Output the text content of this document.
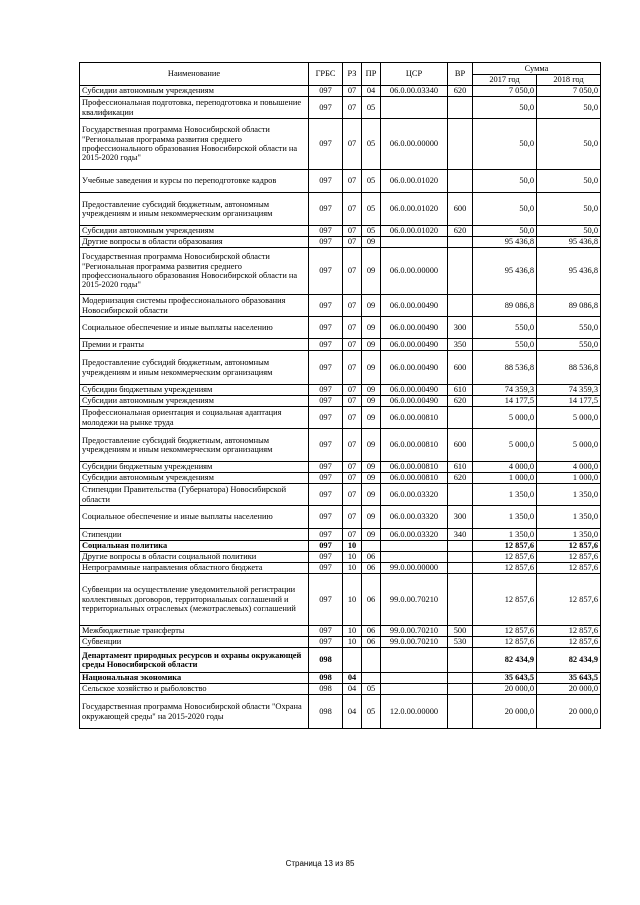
Наименование	ГРБС	РЗ	ПР	ЦСР	ВР	Сумма	
						2017 год	2018 год
Субсидии автономным учреждениям	097	07	04	06.0.00.03340	620	7 050,0	7 050,0
Профессиональная подготовка, переподготовка и повышение квалификации	097	07	05			50,0	50,0
Государственная программа Новосибирской области "Региональная программа развития среднего профессионального образования Новосибирской области на 2015-2020 годы"	097	07	05	06.0.00.00000		50,0	50,0
Учебные заведения и курсы по переподготовке кадров	097	07	05	06.0.00.01020		50,0	50,0
Предоставление субсидий бюджетным, автономным учреждениям и иным некоммерческим организациям	097	07	05	06.0.00.01020	600	50,0	50,0
Субсидии автономным учреждениям	097	07	05	06.0.00.01020	620	50,0	50,0
Другие вопросы в области образования	097	07	09			95 436,8	95 436,8
Государственная программа Новосибирской области "Региональная программа развития среднего профессионального образования Новосибирской области на 2015-2020 годы"	097	07	09	06.0.00.00000		95 436,8	95 436,8
Модернизация системы профессионального образования Новосибирской области	097	07	09	06.0.00.00490		89 086,8	89 086,8
Социальное обеспечение и иные выплаты населению	097	07	09	06.0.00.00490	300	550,0	550,0
Премии и гранты	097	07	09	06.0.00.00490	350	550,0	550,0
Предоставление субсидий бюджетным, автономным учреждениям и иным некоммерческим организациям	097	07	09	06.0.00.00490	600	88 536,8	88 536,8
Субсидии бюджетным учреждениям	097	07	09	06.0.00.00490	610	74 359,3	74 359,3
Субсидии автономным учреждениям	097	07	09	06.0.00.00490	620	14 177,5	14 177,5
Профессиональная ориентация и социальная адаптация молодежи на рынке труда	097	07	09	06.0.00.00810		5 000,0	5 000,0
Предоставление субсидий бюджетным, автономным учреждениям и иным некоммерческим организациям	097	07	09	06.0.00.00810	600	5 000,0	5 000,0
Субсидии бюджетным учреждениям	097	07	09	06.0.00.00810	610	4 000,0	4 000,0
Субсидии автономным учреждениям	097	07	09	06.0.00.00810	620	1 000,0	1 000,0
Стипендии Правительства (Губернатора) Новосибирской области	097	07	09	06.0.00.03320		1 350,0	1 350,0
Социальное обеспечение и иные выплаты населению	097	07	09	06.0.00.03320	300	1 350,0	1 350,0
Стипендии	097	07	09	06.0.00.03320	340	1 350,0	1 350,0
Социальная политика	097	10				12 857,6	12 857,6
Другие вопросы в области социальной политики	097	10	06			12 857,6	12 857,6
Непрограммные направления областного бюджета	097	10	06	99.0.00.00000		12 857,6	12 857,6
Субвенции на осуществление уведомительной регистрации коллективных договоров, территориальных соглашений и территориальных отраслевых (межотраслевых) соглашений	097	10	06	99.0.00.70210		12 857,6	12 857,6
Межбюджетные трансферты	097	10	06	99.0.00.70210	500	12 857,6	12 857,6
Субвенции	097	10	06	99.0.00.70210	530	12 857,6	12 857,6
Департамент природных ресурсов и охраны окружающей среды Новосибирской области	098					82 434,9	82 434,9
Национальная экономика	098	04				35 643,5	35 643,5
Сельское хозяйство и рыболовство	098	04	05			20 000,0	20 000,0
Государственная программа Новосибирской области "Охрана окружающей среды" на 2015-2020 годы	098	04	05	12.0.00.00000		20 000,0	20 000,0
Страница 13 из 85
